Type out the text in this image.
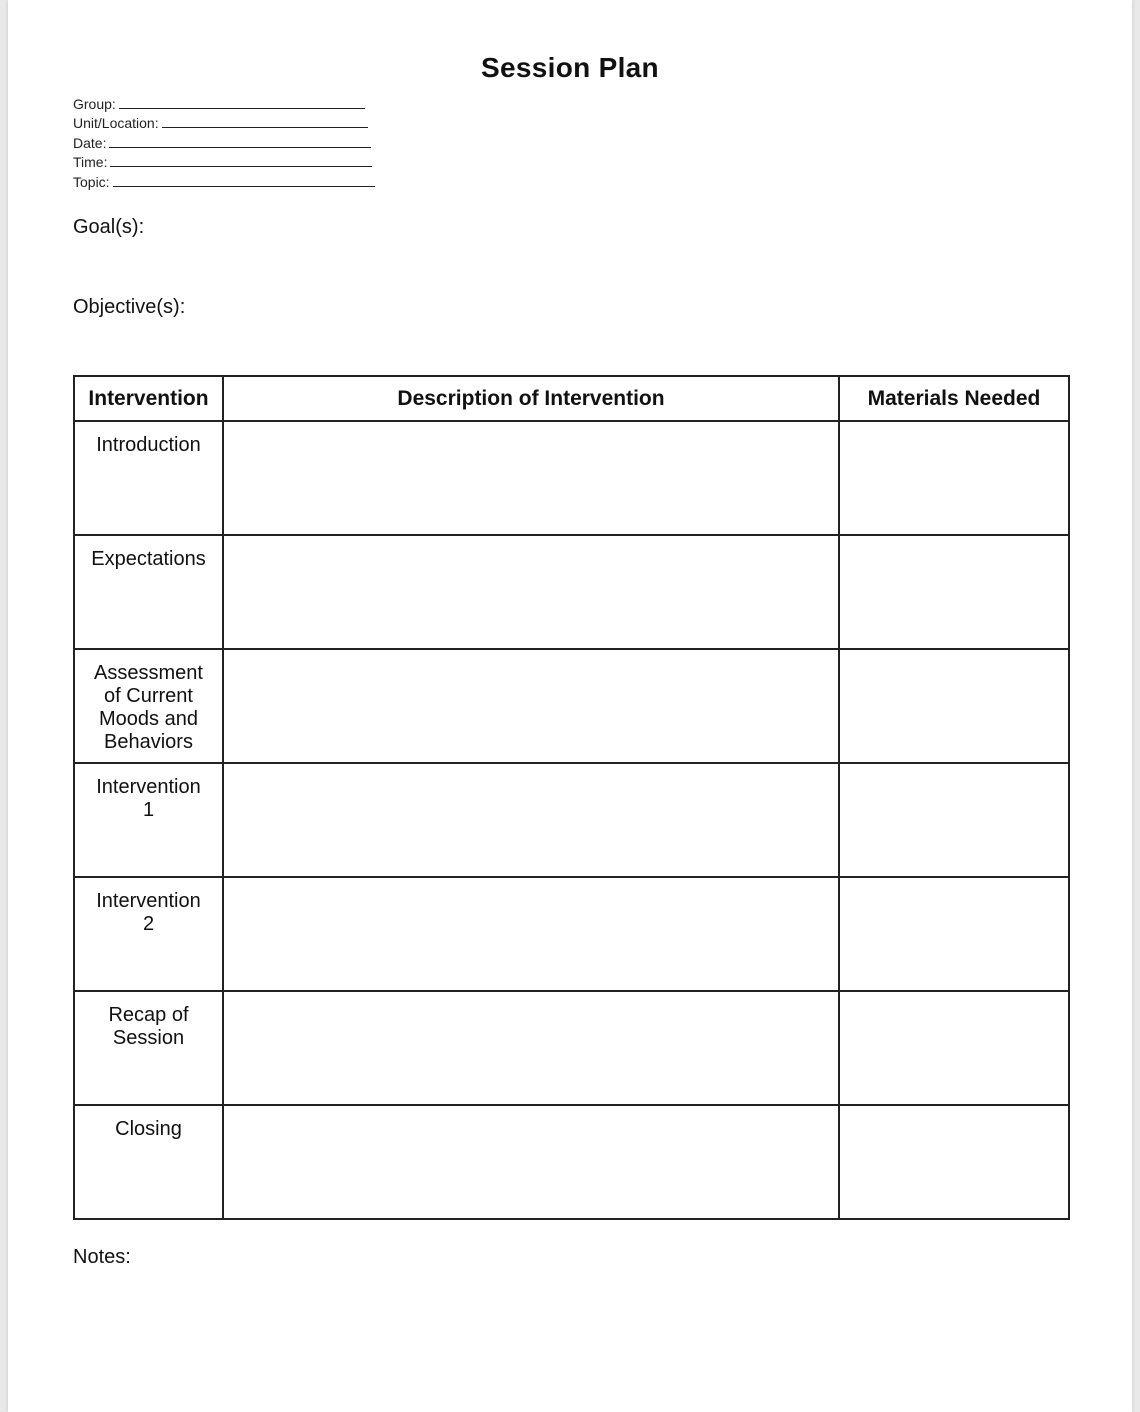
Session Plan
Group:
Unit/Location:
Date:
Time:
Topic:
Goal(s):
Objective(s):
Intervention	Description of Intervention	Materials Needed

Introduction		

Expectations		

Assessment of Current Moods and Behaviors		

Intervention 1		

Intervention 2		

Recap of Session		

Closing		

Notes:
